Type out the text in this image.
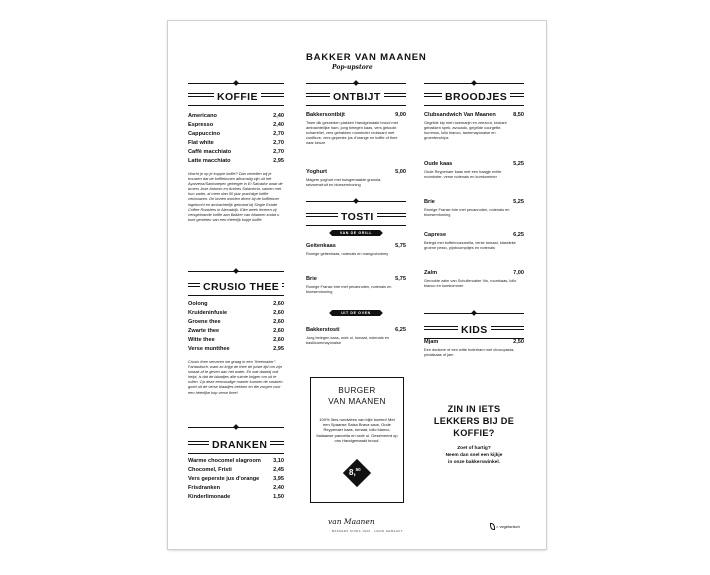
KOFFIE
Americano	2,40
Espresso	2,40
Cappuccino	2,70
Flat white	2,70
Caffè macchiato	2,70
Latte macchiato	2,95
Wacht je op je koppie koffie? Dan vertellen wij je trouwen dat de koffiebonen afkomstig zijn uit het Ayarzena/Santoaepec gebergte in El Salvador waar de broers Jose Antonio en Andres Salaverria, samen met hun vader, al meer dan 50 jaar prachtige koffie verbouwen. De bonen worden direct bij de koffieboer ingekocht en ambachtelijk gebrand bij Single Estate Coffee Roasters in Alexadrijk. Elke week leveren zij versgebrande koffie aan Bakker van Maanen zodat u kunt genieten van een thèèrlijk kopje koffie.
CRUSIO THEE
Oolong	2,60
Kruideninfusie	2,60
Groene thee	2,60
Zwarte thee	2,60
Witte thee	2,60
Verse muntthee	2,95
Crusio thee serveren we graag in een "theemaker". Fantastisch, want zo krijgt de thee de juiste tijd om zijn smaak af te geven aan het water. En wat daarbij ook helpt, is dat de blaadjes alle ruimte krijgen om uit te rollen. Op deze eenvoudige manier kunnen de smaken goed uit de verse blaadjes trekken en die zorgen voor een hèèrlijke kop verse thee!
DRANKEN
Warme chocomel slagroom	3,10
Chocomel, Fristi	2,45
Vers geperste jus d'orange	3,95
Frisdranken	2,40
Kinderlimonade	1,50
BAKKER VAN MAANEN
Pop-upstore
ONTBIJT
Bakkersontbijt	9,00
Twee dik gesneden plakken Handgemaakt brood met ambachtelijke ham, jong belegen kaas, vers gekookt scharreliei, vers gebakken roomboter croissant met confiture, vers geperste jus d'orange en koffie of thee naar keuze
Yoghurt	5,00
Magere yoghurt met huisgemaakte granola, seizoensfruit en bloesemhoning
TOSTI
VAN DE GRILL
Geitenkaas	5,75
Romige geitenkaas, notenais en mangochutney
Brie	5,75
Romige Franse brie met pecannoten, notenais en bloesemhoning
UIT DE OVEN
Bakkerstosti	6,25
Jong belegen kaas, rode ui, tomaat, notenais en basilicummayonaise
BURGER
VAN MAANEN
100% 3ers rundvlees van bijle boeien! Met een Spaanse Salsa Brava saus, Oude Reypenaer kaas, tomaat, lollo bianco, Italiaanse pancetta en rode ui. Geserveerd op ons Handgemaakt brood.
8,50
BROODJES
Clubsandwich Van Maanen	8,50
Gegrilde kip met rozemarijn en zeezout, krokant gebakken spek, avocado, gegrilde courgette, hummus, lollo bianco, tantemayonaise en groentenchips
Oude kaas	5,25
Oude Reypenaer kaas met een haagje echte roomboter, verse notenais en komkommer
Brie	5,25
Romige Franse brie met pecannoten, notenais en bloesemhoning
Caprese	6,25
Belegd met buffelmozzarella, verse tomaat, klassieke groene pesto, pijnboompitjes en notenais
Zalm	7,00
Gerookte zalm van Schulleruaker Vis, roomkaas, lollo bianco en komkommer
KIDS
Mjam	2,50
Een donkere of een witte boterham met chocopasta, pindakaas of jam
ZIN IN IETS
LEKKERS BIJ DE
KOFFIE?
Zoet of hartig?
Neem dan snel een kijkje
in onze bakkerswinkel.
van Maanen
BAKKERS SINDS 1920 · HAND GEMAAKT
= vegetarisch
